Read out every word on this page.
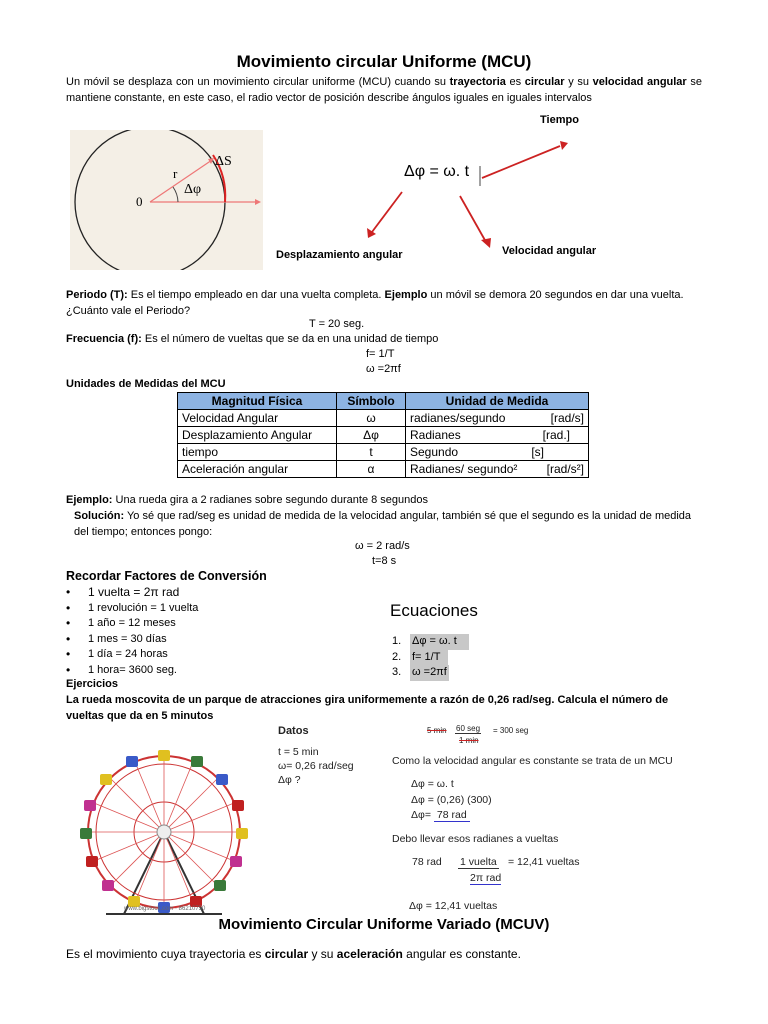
Movimiento circular Uniforme (MCU)
Un móvil se desplaza con un movimiento circular uniforme (MCU) cuando su trayectoria es circular y su velocidad angular se mantiene constante, en este caso, el radio vector de posición describe ángulos iguales en iguales intervalos
r
ΔS
Δφ
0
Δφ = ω. t
Tiempo
Desplazamiento angular	Velocidad angular
Periodo (T): Es el tiempo empleado en dar una vuelta completa. Ejemplo un móvil se demora 20 segundos en dar una vuelta. ¿Cuánto vale el Periodo?
T = 20 seg.
Frecuencia (f): Es el número de vueltas que se da en una unidad de tiempo
f= 1/T
ω =2πf
Unidades de Medidas del MCU
Magnitud Física	Símbolo	Unidad de Medida
Velocidad Angular	ω	radianes/segundo [rad/s]

Desplazamiento Angular	Δφ	Radianes [rad.]

tiempo	t	Segundo [s]

Aceleración angular	α	Radianes/ segundo² [rad/s²]
Ejemplo: Una rueda gira a 2 radianes sobre segundo durante 8 segundos
Solución: Yo sé que rad/seg es unidad de medida de la velocidad angular, también sé que el segundo es la unidad de medida del tiempo; entonces pongo:
ω = 2 rad/s
t=8 s
Recordar Factores de Conversión
• 1 vuelta = 2π rad
• 1 revolución = 1 vuelta
• 1 año = 12 meses
• 1 mes = 30 días
• 1 día = 24 horas
• 1 hora= 3600 seg.
Ecuaciones
1. Δφ = ω. t
2. f= 1/T
3. ω =2πf
Ejercicios
La rueda moscovita de un parque de atracciones gira uniformemente a razón de 0,26 rad/seg. Calcula el número de vueltas que da en 5 minutos
www.bigstock.com · 86210750
Datos
t = 5 min
ω= 0,26 rad/seg
Δφ ?
5 min 60 seg
1 min
= 300 seg
Como la velocidad angular es constante se trata de un MCU
Δφ = ω. t
Δφ = (0,26) (300)
Δφ= 78 rad
Debo llevar esos radianes a vueltas
78 rad 1 vuelta = 12,41 vueltas
2π rad
Δφ = 12,41 vueltas
Movimiento Circular Uniforme Variado (MCUV)
Es el movimiento cuya trayectoria es circular y su aceleración angular es constante.
